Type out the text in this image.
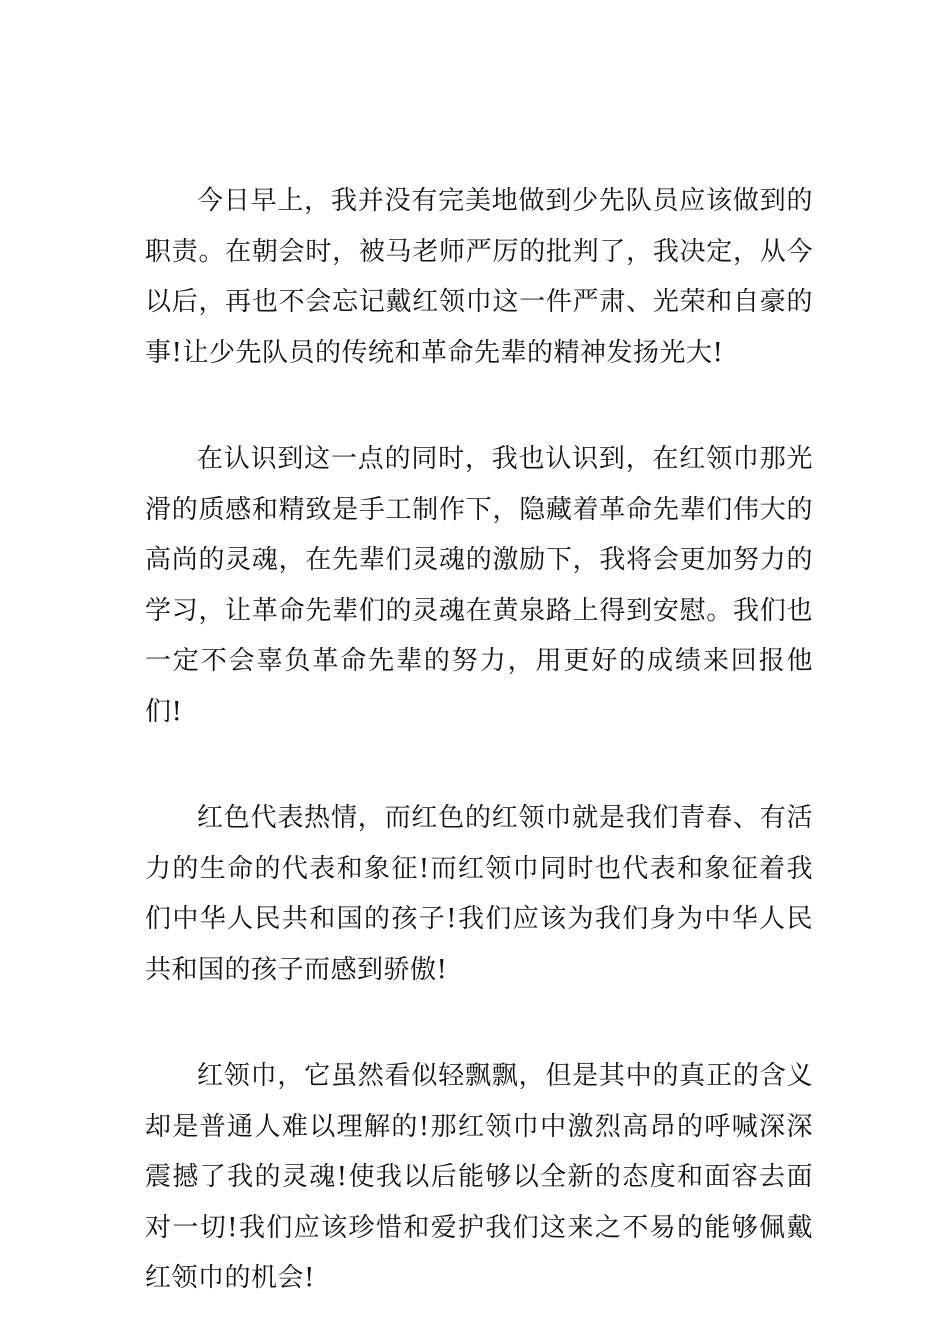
今日早上，我并没有完美地做到少先队员应该做到的职责。在朝会时，被马老师严厉的批判了，我决定，从今以后，再也不会忘记戴红领巾这一件严肃、光荣和自豪的事!让少先队员的传统和革命先辈的精神发扬光大!

在认识到这一点的同时，我也认识到，在红领巾那光滑的质感和精致是手工制作下，隐藏着革命先辈们伟大的高尚的灵魂，在先辈们灵魂的激励下，我将会更加努力的学习，让革命先辈们的灵魂在黄泉路上得到安慰。我们也一定不会辜负革命先辈的努力，用更好的成绩来回报他们!

红色代表热情，而红色的红领巾就是我们青春、有活力的生命的代表和象征!而红领巾同时也代表和象征着我们中华人民共和国的孩子!我们应该为我们身为中华人民共和国的孩子而感到骄傲!

红领巾，它虽然看似轻飘飘，但是其中的真正的含义却是普通人难以理解的!那红领巾中激烈高昂的呼喊深深震撼了我的灵魂!使我以后能够以全新的态度和面容去面对一切!我们应该珍惜和爱护我们这来之不易的能够佩戴红领巾的机会!
